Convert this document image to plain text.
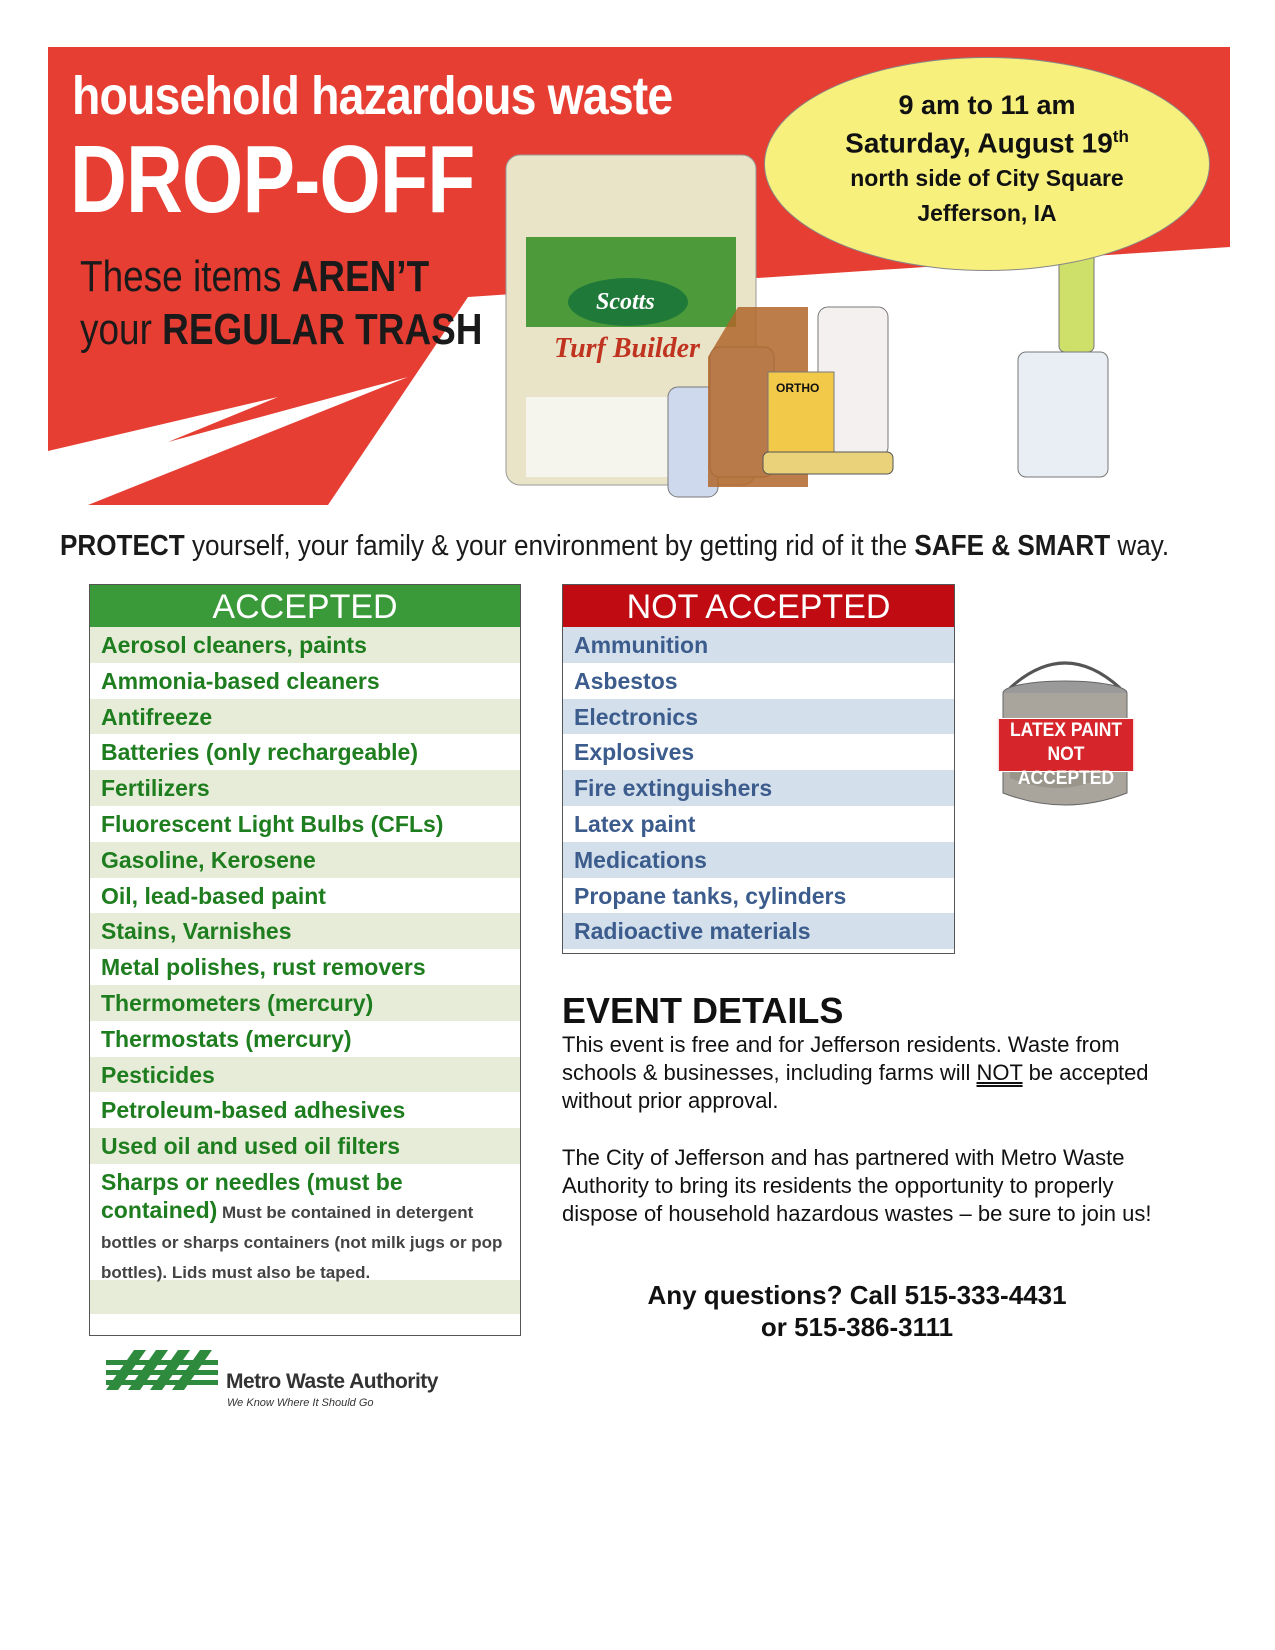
Scotts
Turf Builder
ORTHO
household hazardous waste
DROP-OFF
These items AREN’T
your REGULAR TRASH
9 am to 11 am
Saturday, August 19th
north side of City Square
Jefferson, IA
PROTECT yourself, your family & your environment by getting rid of it the SAFE & SMART way.
ACCEPTED
Aerosol cleaners, paints
Ammonia-based cleaners
Antifreeze
Batteries (only rechargeable)
Fertilizers
Fluorescent Light Bulbs (CFLs)
Gasoline, Kerosene
Oil, lead-based paint
Stains, Varnishes
Metal polishes, rust removers
Thermometers (mercury)
Thermostats (mercury)
Pesticides
Petroleum-based adhesives
Used oil and used oil filters
Sharps or needles (must be contained) Must be contained in detergent bottles or sharps containers (not milk jugs or pop bottles). Lids must also be taped.
NOT ACCEPTED
Ammunition
Asbestos
Electronics
Explosives
Fire extinguishers
Latex paint
Medications
Propane tanks, cylinders
Radioactive materials
LATEX PAINT
NOT ACCEPTED
EVENT DETAILS
This event is free and for Jefferson residents. Waste from schools & businesses, including farms will NOT be accepted without prior approval.
The City of Jefferson and has partnered with Metro Waste Authority to bring its residents the opportunity to properly dispose of household hazardous wastes – be sure to join us!
Any questions? Call 515-333-4431
or 515-386-3111
Metro Waste Authority
We Know Where It Should Go
